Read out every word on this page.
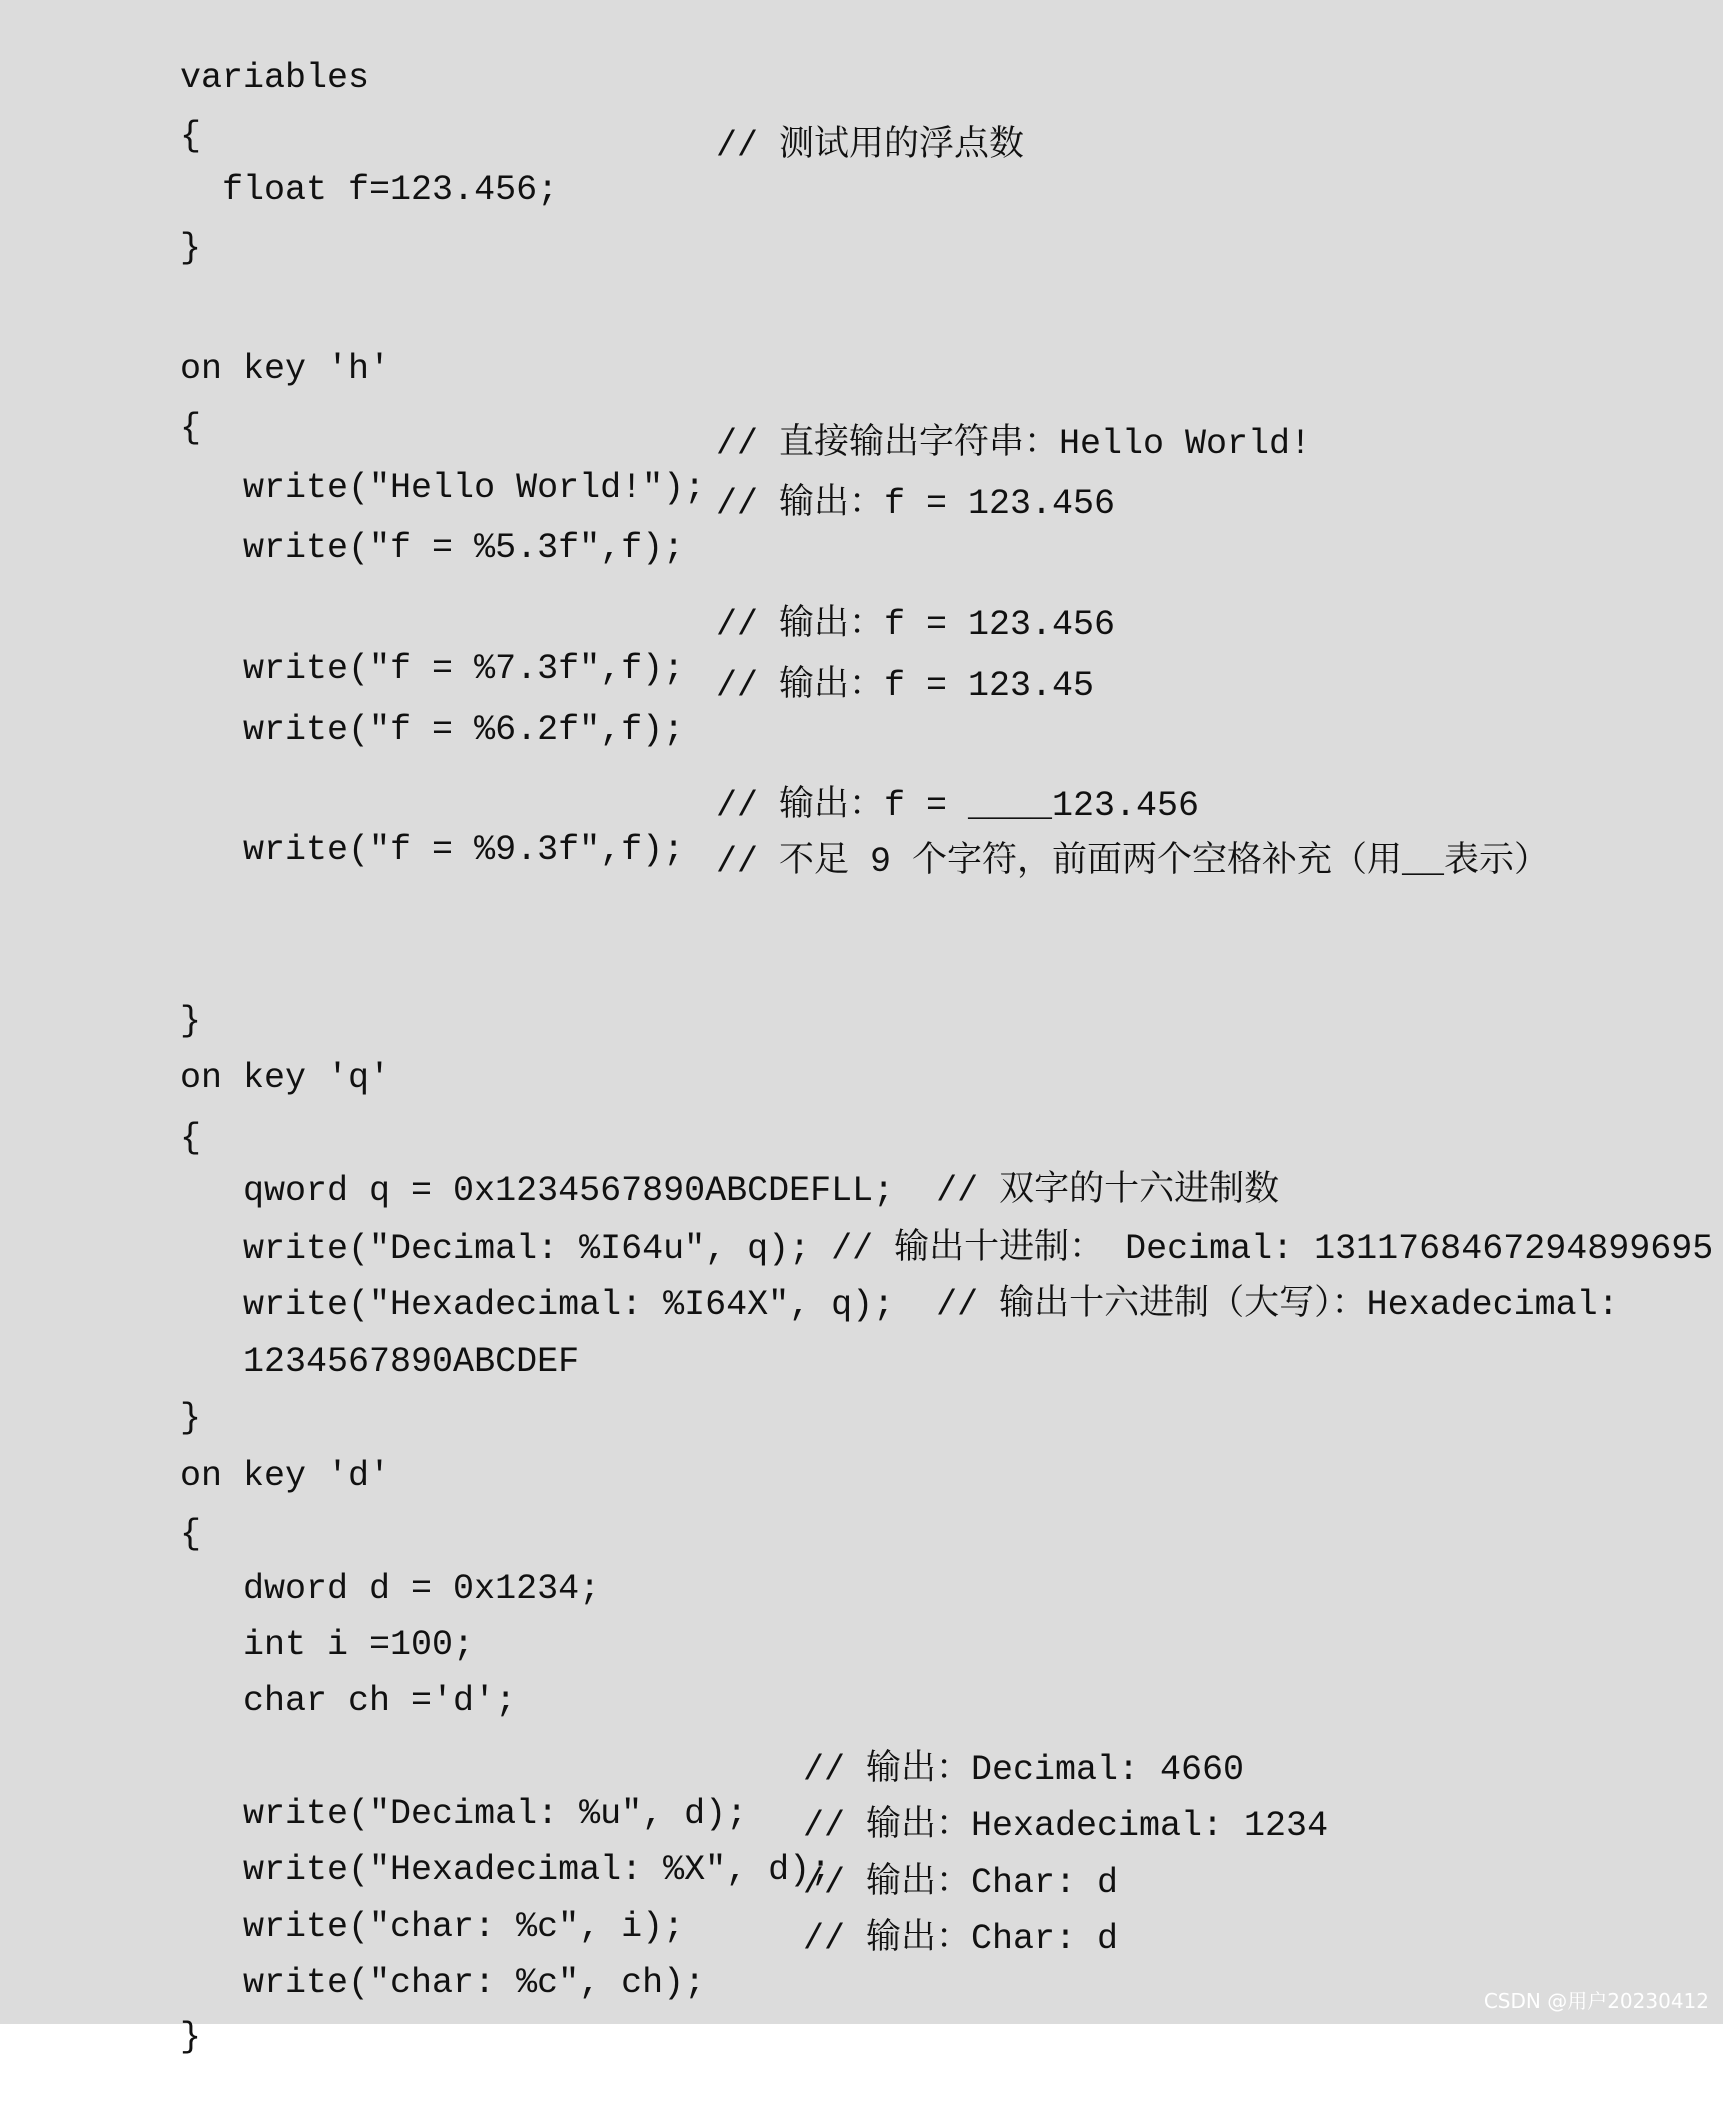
variables

{

float f=123.456;

// 测试用的浮点数

}

on key 'h'

{

write("Hello World!");

// 直接输出字符串：Hello World!

write("f = %5.3f",f);

// 输出：f = 123.456

write("f = %7.3f",f);

// 输出：f = 123.456

write("f = %6.2f",f);

// 输出：f = 123.45

write("f = %9.3f",f);

// 输出：f = ____123.456

// 不足 9 个字符，前面两个空格补充（用__表示）

}

on key 'q'

{

qword q = 0x1234567890ABCDEFLL;  // 双字的十六进制数

write("Decimal: %I64u", q); // 输出十进制： Decimal: 1311768467294899695

write("Hexadecimal: %I64X", q);  // 输出十六进制（大写）：Hexadecimal:

1234567890ABCDEF

}

on key 'd'

{

dword d = 0x1234;

int i =100;

char ch ='d';

write("Decimal: %u", d);

// 输出：Decimal: 4660

write("Hexadecimal: %X", d);

// 输出：Hexadecimal: 1234

write("char: %c", i);

// 输出：Char: d

write("char: %c", ch);

// 输出：Char: d

}

CSDN @用户20230412
